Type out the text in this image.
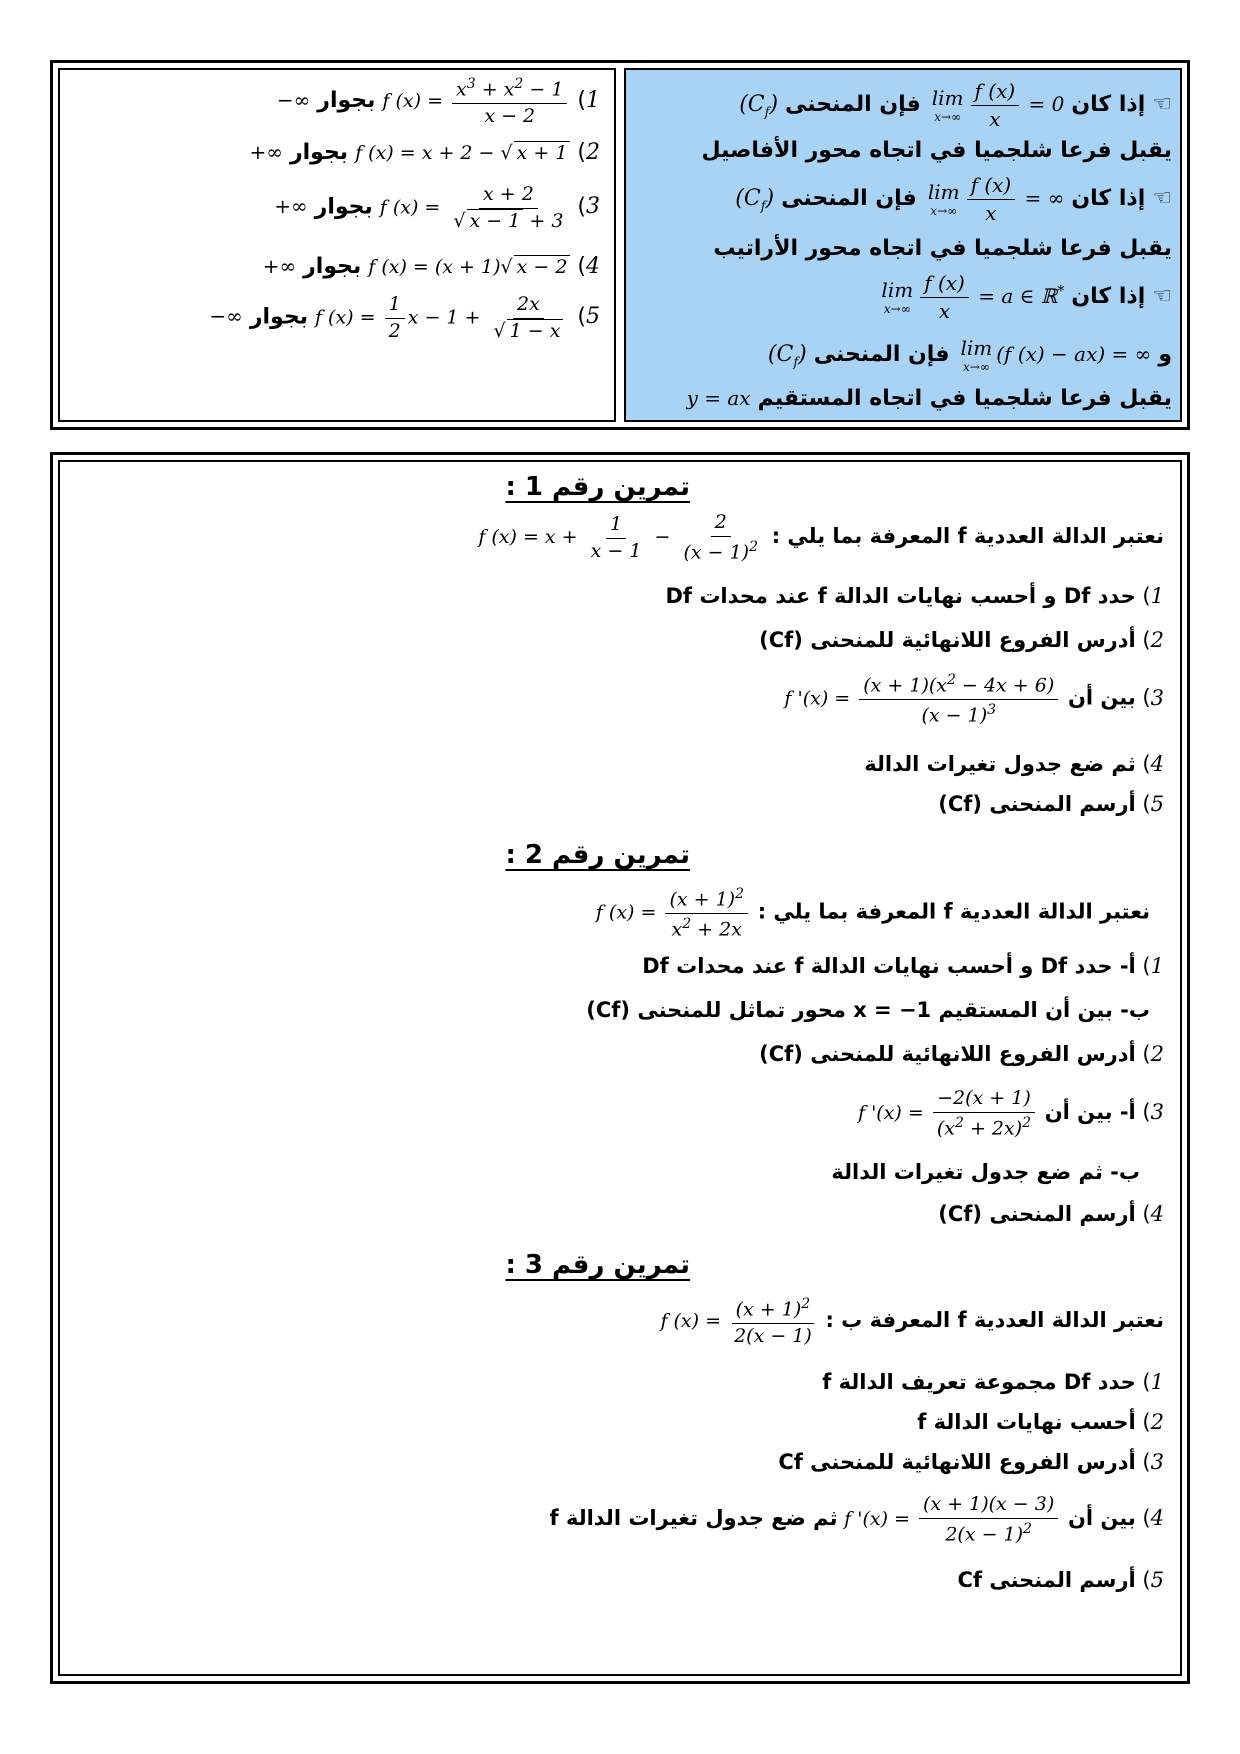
☜ إذا كان
lim
$x\to\infty \frac{f (x)}{x} = 0$ فإن المنحنى $(C_f)$
يقبل فرعا شلجميا في اتجاه محور الأفاصيل
☜ إذا كان
lim
$x\to\infty \frac{f (x)}{x}$ = ∞ فإن المنحنى $(C_f)$
يقبل فرعا شلجميا في اتجاه محور الأراتيب
☜ إذا كان
lim
$x\to\infty \frac{f (x)}{x} = a$ ∈ ℝ*
و
lim
x→∞
(f (x) − ax) = ∞ فإن المنحنى $(C_f)$
يقبل فرعا شلجميا في اتجاه المستقيم y = ax
1) f $(x) = \frac{x^3 + x^2 - 1}{x - 2}$
بجوار −∞
2) f (x) = x + 2 − √ x + 1 بجوار +∞
3) f $(x) = \frac{x + 2}{√ x - 1 + 3}$
بجوار +∞
4) f (x) = (x + 1)√ x − 2 بجوار +∞
5) f $(x) = \frac{1}{2}$ $x - 1 + \frac{2x}{√ 1 - x}$
بجوار −∞
تمرين رقم 1 :
نعتبر الدالة العددية f المعرفة بما يلي : f $(x) = x + \frac{1}{x - 1} - \frac{2}{(x - 1)^2}$
1) حدد Df و أحسب نهايات الدالة f عند محدات Df
2) أدرس الفروع اللانهائية للمنحنى (Cf)
3) بين أن f '$(x) = \frac{(x + 1)(x^2 - 4x + 6)}{(x - 1)^3}$
4) ثم ضع جدول تغيرات الدالة
5) أرسم المنحنى (Cf)
تمرين رقم 2 :
نعتبر الدالة العددية f المعرفة بما يلي : f $(x) = \frac{(x + 1)^2}{x^2 + 2x}$
1) أ- حدد Df و أحسب نهايات الدالة f عند محدات Df
ب- بين أن المستقيم x = −1 محور تماثل للمنحنى (Cf)
2) أدرس الفروع اللانهائية للمنحنى (Cf)
3) أ- بين أن f '$(x) = \frac{-2(x + 1)}{(x^2 + 2x)^2}$
ب- ثم ضع جدول تغيرات الدالة
4) أرسم المنحنى (Cf)
تمرين رقم 3 :
نعتبر الدالة العددية f المعرفة ب : f $(x) = \frac{(x + 1)^2}{2(x - 1)}$
1) حدد Df مجموعة تعريف الدالة f
2) أحسب نهايات الدالة f
3) أدرس الفروع اللانهائية للمنحنى Cf
4) بين أن f '$(x) = \frac{(x + 1)(x - 3)}{2(x - 1)^2}$
ثم ضع جدول تغيرات الدالة f
5) أرسم المنحنى Cf
